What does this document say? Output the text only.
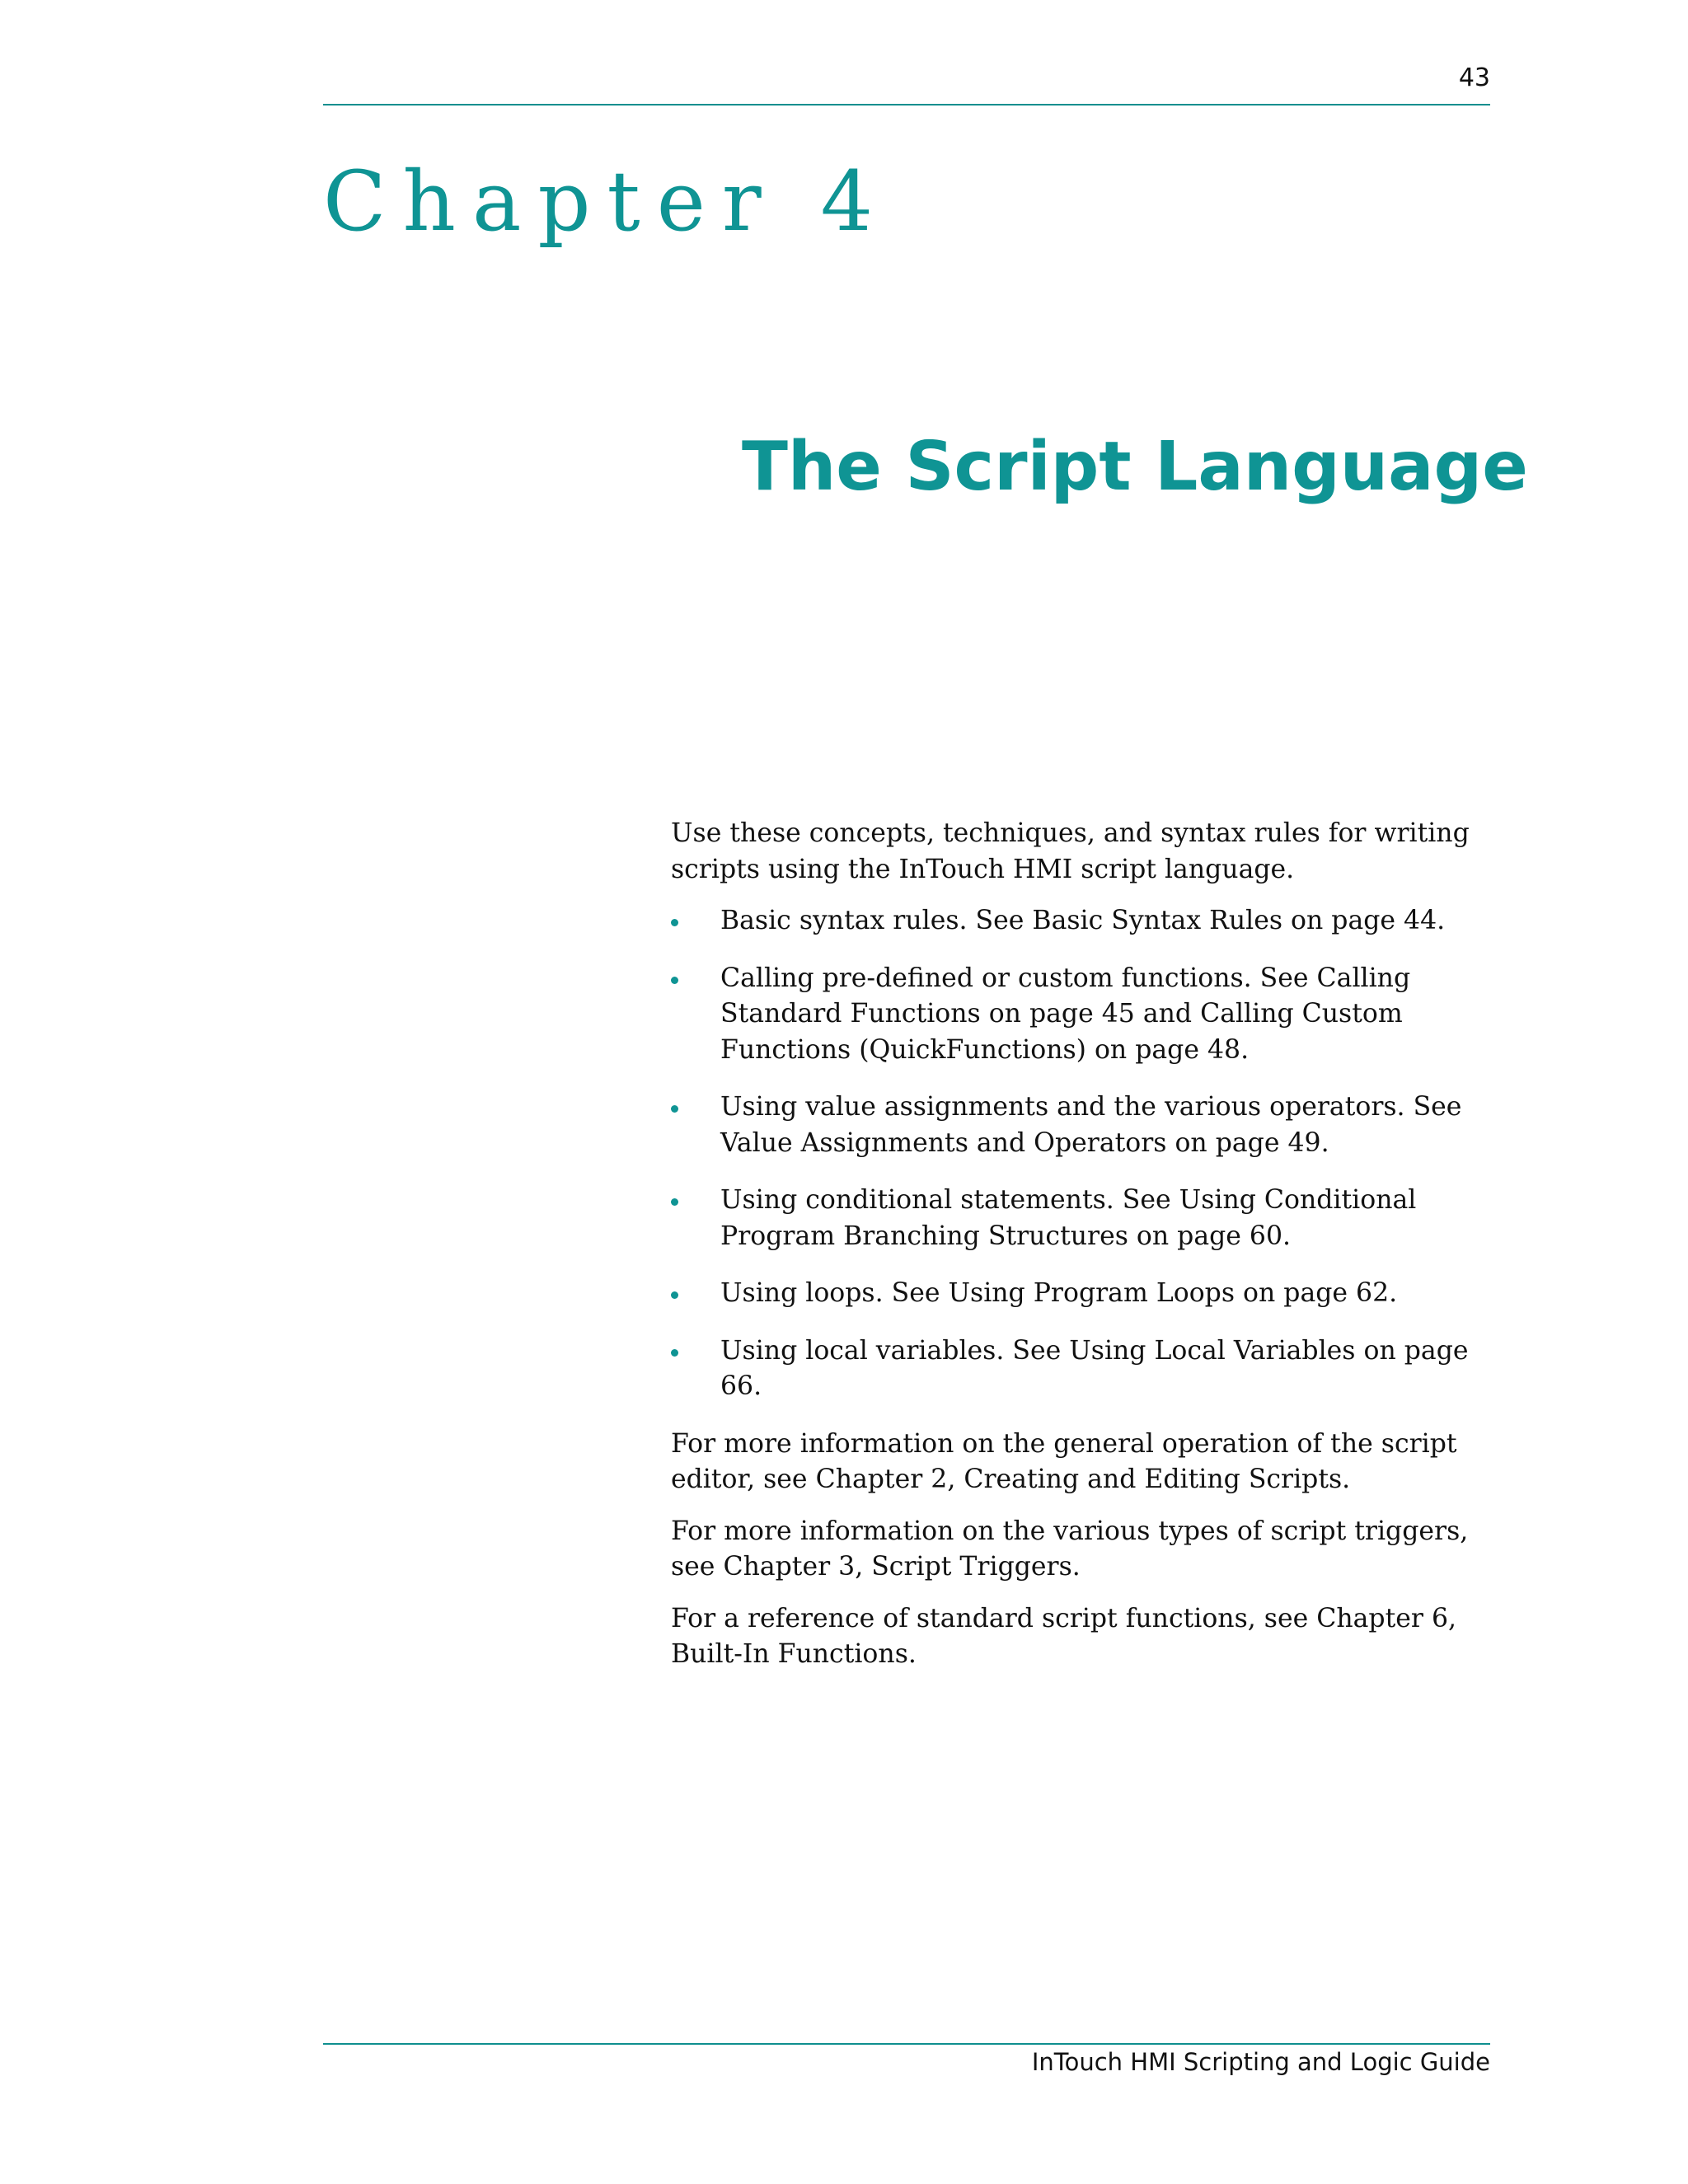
43
Chapter 4
The Script Language

Use these concepts, techniques, and syntax rules for writing scripts using the InTouch HMI script language.

Basic syntax rules. See Basic Syntax Rules on page 44.
Calling pre-defined or custom functions. See Calling Standard Functions on page 45 and Calling Custom Functions (QuickFunctions) on page 48.
Using value assignments and the various operators. See Value Assignments and Operators on page 49.
Using conditional statements. See Using Conditional Program Branching Structures on page 60.
Using loops. See Using Program Loops on page 62.
Using local variables. See Using Local Variables on page 66.

For more information on the general operation of the script editor, see Chapter 2, Creating and Editing Scripts.

For more information on the various types of script triggers, see Chapter 3, Script Triggers.

For a reference of standard script functions, see Chapter 6, Built-In Functions.

InTouch HMI Scripting and Logic Guide
